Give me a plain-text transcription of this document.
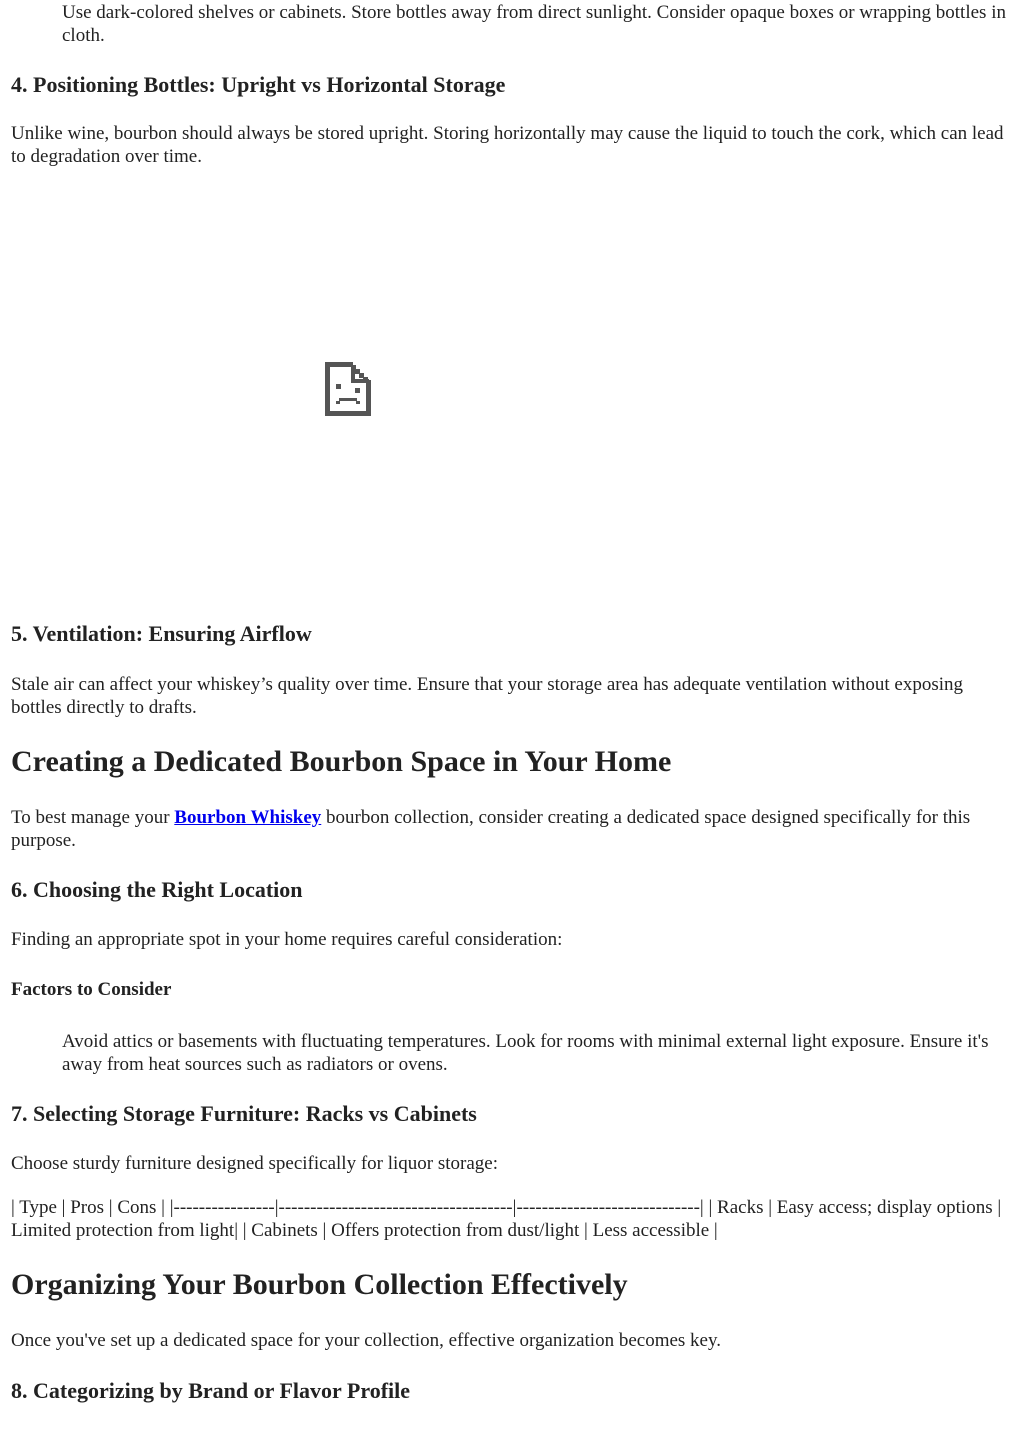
Use dark-colored shelves or cabinets. Store bottles away from direct sunlight. Consider opaque boxes or wrapping bottles in cloth.

4. Positioning Bottles: Upright vs Horizontal Storage

Unlike wine, bourbon should always be stored upright. Storing horizontally may cause the liquid to touch the cork, which can lead to degradation over time.

5. Ventilation: Ensuring Airflow

Stale air can affect your whiskey’s quality over time. Ensure that your storage area has adequate ventilation without exposing bottles directly to drafts.

Creating a Dedicated Bourbon Space in Your Home

To best manage your Bourbon Whiskey bourbon collection, consider creating a dedicated space designed specifically for this purpose.

6. Choosing the Right Location

Finding an appropriate spot in your home requires careful consideration:

Factors to Consider

Avoid attics or basements with fluctuating temperatures. Look for rooms with minimal external light exposure. Ensure it's away from heat sources such as radiators or ovens.

7. Selecting Storage Furniture: Racks vs Cabinets

Choose sturdy furniture designed specifically for liquor storage:

| Type | Pros | Cons | |----------------|-------------------------------------|-----------------------------| | Racks | Easy access; display options | Limited protection from light| | Cabinets | Offers protection from dust/light | Less accessible |

Organizing Your Bourbon Collection Effectively

Once you've set up a dedicated space for your collection, effective organization becomes key.

8. Categorizing by Brand or Flavor Profile
